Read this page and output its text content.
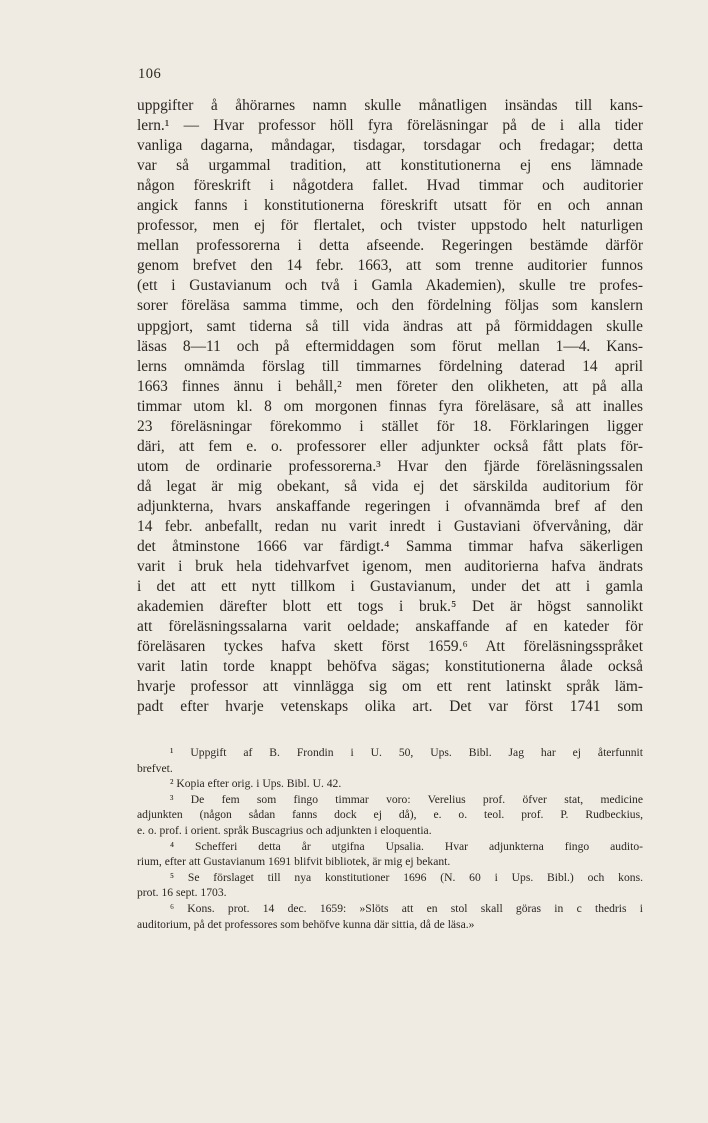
106
uppgifter å åhörarnes namn skulle månatligen insändas till kans-
lern.¹ — Hvar professor höll fyra föreläsningar på de i alla tider
vanliga dagarna, måndagar, tisdagar, torsdagar och fredagar; detta
var så urgammal tradition, att konstitutionerna ej ens lämnade
någon föreskrift i någotdera fallet. Hvad timmar och auditorier
angick fanns i konstitutionerna föreskrift utsatt för en och annan
professor, men ej för flertalet, och tvister uppstodo helt naturligen
mellan professorerna i detta afseende. Regeringen bestämde därför
genom brefvet den 14 febr. 1663, att som trenne auditorier funnos
(ett i Gustavianum och två i Gamla Akademien), skulle tre profes-
sorer föreläsa samma timme, och den fördelning följas som kanslern
uppgjort, samt tiderna så till vida ändras att på förmiddagen skulle
läsas 8—11 och på eftermiddagen som förut mellan 1—4. Kans-
lerns omnämda förslag till timmarnes fördelning daterad 14 april
1663 finnes ännu i behåll,² men företer den olikheten, att på alla
timmar utom kl. 8 om morgonen finnas fyra föreläsare, så att inalles
23 föreläsningar förekommo i stället för 18. Förklaringen ligger
däri, att fem e. o. professorer eller adjunkter också fått plats för-
utom de ordinarie professorerna.³ Hvar den fjärde föreläsningssalen
då legat är mig obekant, så vida ej det särskilda auditorium för
adjunkterna, hvars anskaffande regeringen i ofvannämda bref af den
14 febr. anbefallt, redan nu varit inredt i Gustaviani öfvervåning, där
det åtminstone 1666 var färdigt.⁴ Samma timmar hafva säkerligen
varit i bruk hela tidehvarfvet igenom, men auditorierna hafva ändrats
i det att ett nytt tillkom i Gustavianum, under det att i gamla
akademien därefter blott ett togs i bruk.⁵ Det är högst sannolikt
att föreläsningssalarna varit oeldade; anskaffande af en kateder för
föreläsaren tyckes hafva skett först 1659.⁶ Att föreläsningsspråket
varit latin torde knappt behöfva sägas; konstitutionerna ålade också
hvarje professor att vinnlägga sig om ett rent latinskt språk läm-
padt efter hvarje vetenskaps olika art. Det var först 1741 som
¹ Uppgift af B. Frondin i U. 50, Ups. Bibl. Jag har ej återfunnit
brefvet.
² Kopia efter orig. i Ups. Bibl. U. 42.
³ De fem som fingo timmar voro: Verelius prof. öfver stat, medicine
adjunkten (någon sådan fanns dock ej då), e. o. teol. prof. P. Rudbeckius,
e. o. prof. i orient. språk Buscagrius och adjunkten i eloquentia.
⁴ Schefferi detta år utgifna Upsalia. Hvar adjunkterna fingo audito-
rium, efter att Gustavianum 1691 blifvit bibliotek, är mig ej bekant.
⁵ Se förslaget till nya konstitutioner 1696 (N. 60 i Ups. Bibl.) och kons.
prot. 16 sept. 1703.
⁶ Kons. prot. 14 dec. 1659: »Slöts att en stol skall göras in c thedris i
auditorium, på det professores som behöfve kunna där sittia, då de läsa.»
